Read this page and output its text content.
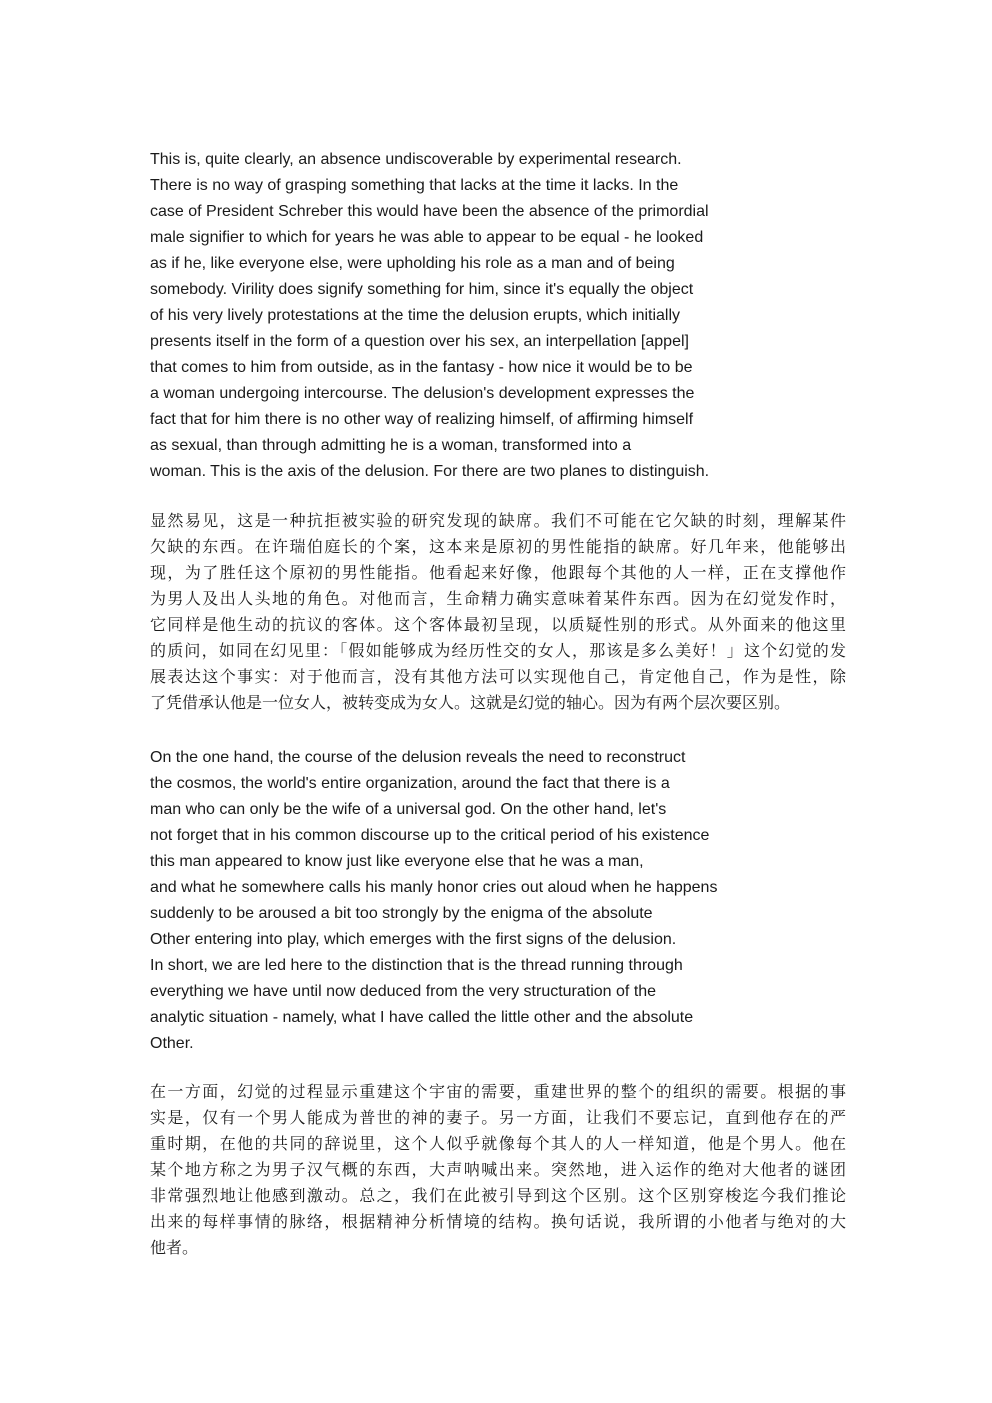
This is, quite clearly, an absence undiscoverable by experimental research.
There is no way of grasping something that lacks at the time it lacks. In the
case of President Schreber this would have been the absence of the primordial
male signifier to which for years he was able to appear to be equal - he looked
as if he, like everyone else, were upholding his role as a man and of being
somebody. Virility does signify something for him, since it's equally the object
of his very lively protestations at the time the delusion erupts, which initially
presents itself in the form of a question over his sex, an interpellation [appel]
that comes to him from outside, as in the fantasy - how nice it would be to be
a woman undergoing intercourse. The delusion's development expresses the
fact that for him there is no other way of realizing himself, of affirming himself
as sexual, than through admitting he is a woman, transformed into a
woman. This is the axis of the delusion. For there are two planes to distinguish.
显然易见，这是一种抗拒被实验的研究发现的缺席。我们不可能在它欠缺的时刻，理解某件
欠缺的东西。在许瑞伯庭长的个案，这本来是原初的男性能指的缺席。好几年来，他能够出
现，为了胜任这个原初的男性能指。他看起来好像，他跟每个其他的人一样，正在支撑他作
为男人及出人头地的角色。对他而言，生命精力确实意味着某件东西。因为在幻觉发作时，
它同样是他生动的抗议的客体。这个客体最初呈现，以质疑性别的形式。从外面来的他这里
的质问，如同在幻见里：「假如能够成为经历性交的女人，那该是多么美好！」这个幻觉的发
展表达这个事实：对于他而言，没有其他方法可以实现他自己，肯定他自己，作为是性，除
了凭借承认他是一位女人，被转变成为女人。这就是幻觉的轴心。因为有两个层次要区别。
On the one hand, the course of the delusion reveals the need to reconstruct
the cosmos, the world's entire organization, around the fact that there is a
man who can only be the wife of a universal god. On the other hand, let's
not forget that in his common discourse up to the critical period of his existence
this man appeared to know just like everyone else that he was a man,
and what he somewhere calls his manly honor cries out aloud when he happens
suddenly to be aroused a bit too strongly by the enigma of the absolute
Other entering into play, which emerges with the first signs of the delusion.
In short, we are led here to the distinction that is the thread running through
everything we have until now deduced from the very structuration of the
analytic situation - namely, what I have called the little other and the absolute
Other.
在一方面，幻觉的过程显示重建这个宇宙的需要，重建世界的整个的组织的需要。根据的事
实是，仅有一个男人能成为普世的神的妻子。另一方面，让我们不要忘记，直到他存在的严
重时期，在他的共同的辞说里，这个人似乎就像每个其人的人一样知道，他是个男人。他在
某个地方称之为男子汉气概的东西，大声呐喊出来。突然地，进入运作的绝对大他者的谜团
非常强烈地让他感到激动。总之，我们在此被引导到这个区别。这个区别穿梭迄今我们推论
出来的每样事情的脉络，根据精神分析情境的结构。换句话说，我所谓的小他者与绝对的大
他者。
